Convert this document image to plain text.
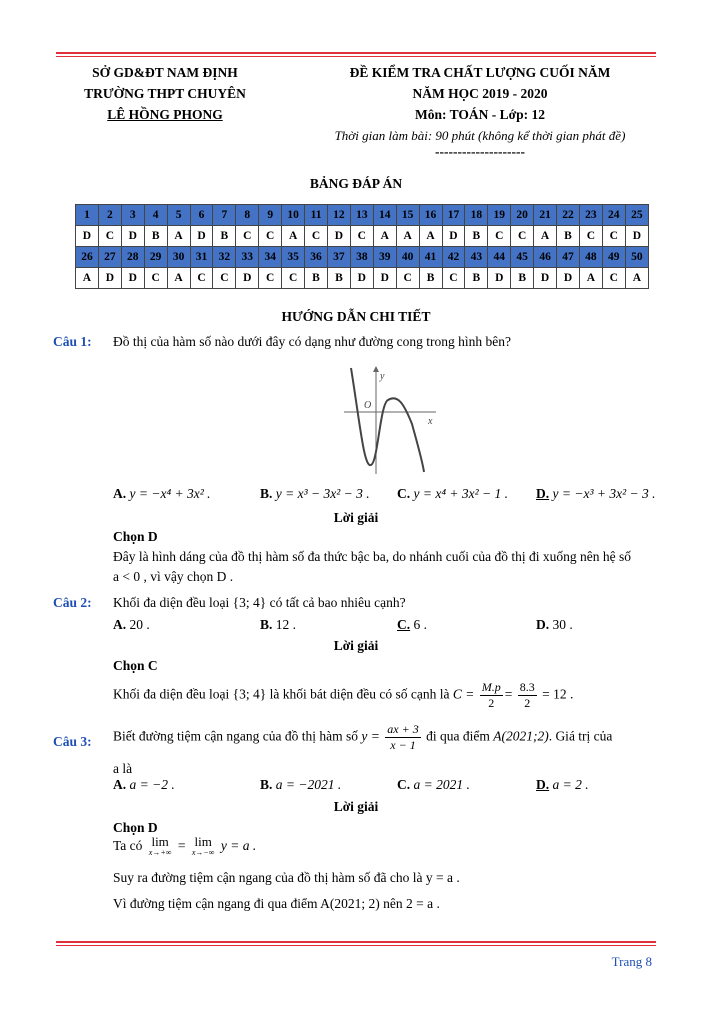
SỞ GD&ĐT NAM ĐỊNH
TRƯỜNG THPT CHUYÊN
LÊ HỒNG PHONG
ĐỀ KIỂM TRA CHẤT LƯỢNG CUỐI NĂM
NĂM HỌC 2019 - 2020
Môn: TOÁN - Lớp: 12
Thời gian làm bài: 90 phút (không kể thời gian phát đề)
--------------------
BẢNG ĐÁP ÁN
1	2	3	4	5	6	7	8	9	10	11	12	13	14	15	16	17	18	19	20	21	22	23	24	25
D	C	D	B	A	D	B	C	C	A	C	D	C	A	A	A	D	B	C	C	A	B	C	C	D
26	27	28	29	30	31	32	33	34	35	36	37	38	39	40	41	42	43	44	45	46	47	48	49	50
A	D	D	C	A	C	C	D	C	C	B	B	D	D	C	B	C	B	D	B	D	D	A	C	A
HƯỚNG DẪN CHI TIẾT
Câu 1: Đồ thị của hàm số nào dưới đây có dạng như đường cong trong hình bên?
y
O
x
A. y = −x⁴ + 3x² .	B. y = x³ − 3x² − 3 . C. y = x⁴ + 3x² − 1 . D. y = −x³ + 3x² − 3 .
Lời giải
Chọn D
Đây là hình dáng của đồ thị hàm số đa thức bậc ba, do nhánh cuối của đồ thị đi xuống nên hệ số
a < 0 , vì vậy chọn D .
Câu 2: Khối đa diện đều loại {3; 4} có tất cả bao nhiêu cạnh?
A. 20 .	B. 12 .	C. 6 .	D. 30 .
Lời giải
Chọn C
Khối đa diện đều loại {3; 4} là khối bát diện đều có số cạnh là $C = \frac{M.p}{2} = \frac{8.3}{2} = 12$ .
Câu 3: Biết đường tiệm cận ngang của đồ thị hàm số $y = \frac{ax + 3}{x - 1}$ đi qua điểm A(2021;2). Giá trị của
a là
A. a = −2 .	B. a = −2021 .	C. a = 2021 .	D. a = 2 .
Lời giải
Chọn D
Ta có lim
x→+∞ = lim
x→−∞ y = a .
Suy ra đường tiệm cận ngang của đồ thị hàm số đã cho là y = a .
Vì đường tiệm cận ngang đi qua điểm A(2021; 2) nên 2 = a .
Trang 8
